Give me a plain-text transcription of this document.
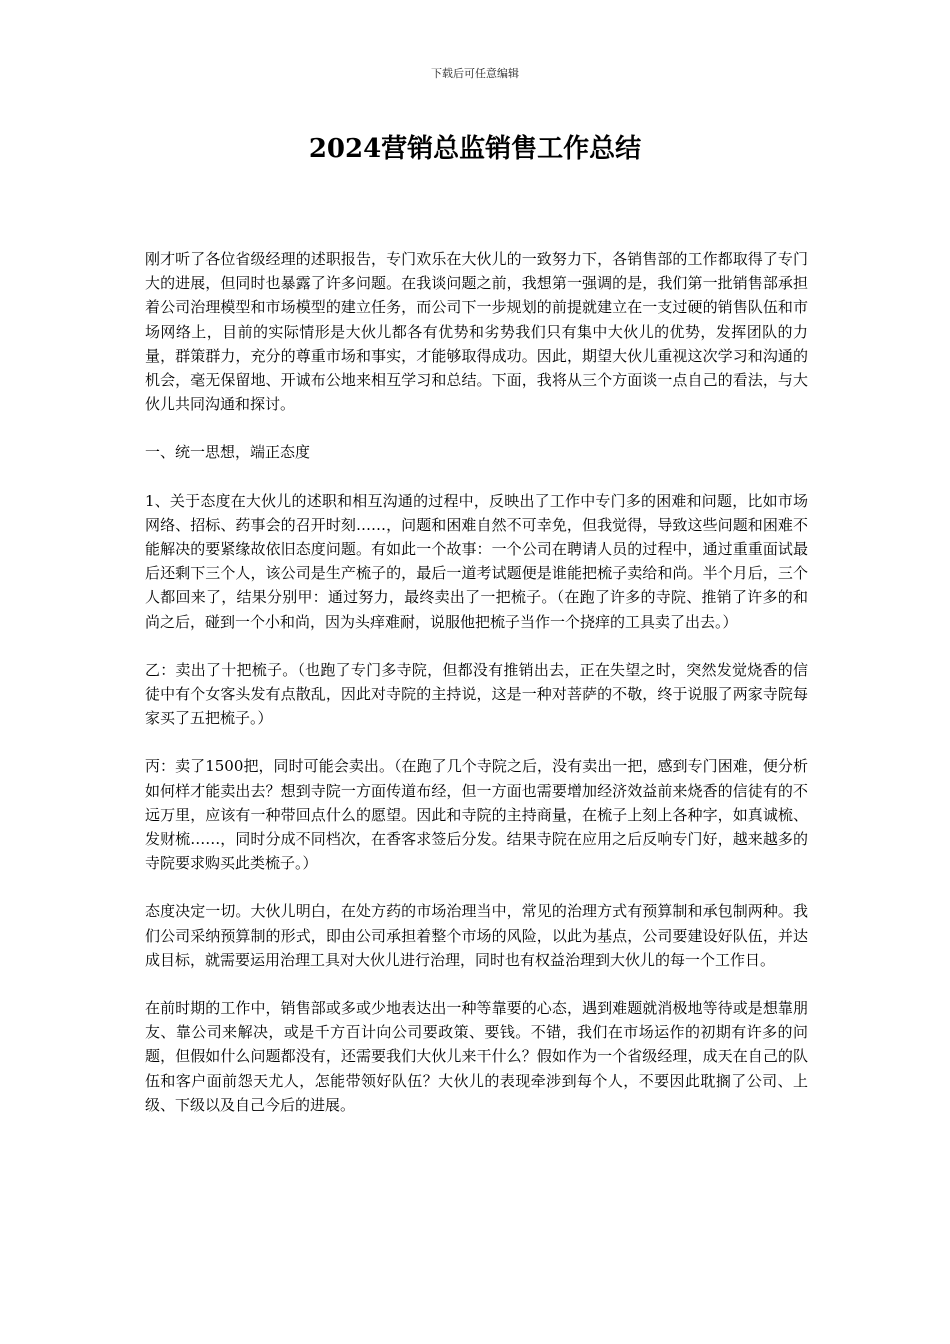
下载后可任意编辑
2024营销总监销售工作总结

刚才听了各位省级经理的述职报告，专门欢乐在大伙儿的一致努力下，各销售部的工作都取得了专门大的进展，但同时也暴露了许多问题。在我谈问题之前，我想第一强调的是，我们第一批销售部承担着公司治理模型和市场模型的建立任务，而公司下一步规划的前提就建立在一支过硬的销售队伍和市场网络上，目前的实际情形是大伙儿都各有优势和劣势我们只有集中大伙儿的优势，发挥团队的力量，群策群力，充分的尊重市场和事实，才能够取得成功。因此，期望大伙儿重视这次学习和沟通的机会，毫无保留地、开诚布公地来相互学习和总结。下面，我将从三个方面谈一点自己的看法，与大伙儿共同沟通和探讨。

一、统一思想，端正态度

1、关于态度在大伙儿的述职和相互沟通的过程中，反映出了工作中专门多的困难和问题，比如市场网络、招标、药事会的召开时刻……，问题和困难自然不可幸免，但我觉得，导致这些问题和困难不能解决的要紧缘故依旧态度问题。有如此一个故事：一个公司在聘请人员的过程中，通过重重面试最后还剩下三个人，该公司是生产梳子的，最后一道考试题便是谁能把梳子卖给和尚。半个月后，三个人都回来了，结果分别甲：通过努力，最终卖出了一把梳子。（在跑了许多的寺院、推销了许多的和尚之后，碰到一个小和尚，因为头痒难耐，说服他把梳子当作一个挠痒的工具卖了出去。）

乙：卖出了十把梳子。（也跑了专门多寺院，但都没有推销出去，正在失望之时，突然发觉烧香的信徒中有个女客头发有点散乱，因此对寺院的主持说，这是一种对菩萨的不敬，终于说服了两家寺院每家买了五把梳子。）

丙：卖了1500把，同时可能会卖出。（在跑了几个寺院之后，没有卖出一把，感到专门困难，便分析如何样才能卖出去？想到寺院一方面传道布经，但一方面也需要增加经济效益前来烧香的信徒有的不远万里，应该有一种带回点什么的愿望。因此和寺院的主持商量，在梳子上刻上各种字，如真诚梳、发财梳……，同时分成不同档次，在香客求签后分发。结果寺院在应用之后反响专门好，越来越多的寺院要求购买此类梳子。）

态度决定一切。大伙儿明白，在处方药的市场治理当中，常见的治理方式有预算制和承包制两种。我们公司采纳预算制的形式，即由公司承担着整个市场的风险，以此为基点，公司要建设好队伍，并达成目标，就需要运用治理工具对大伙儿进行治理，同时也有权益治理到大伙儿的每一个工作日。

在前时期的工作中，销售部或多或少地表达出一种等靠要的心态，遇到难题就消极地等待或是想靠朋友、靠公司来解决，或是千方百计向公司要政策、要钱。不错，我们在市场运作的初期有许多的问题，但假如什么问题都没有，还需要我们大伙儿来干什么？假如作为一个省级经理，成天在自己的队伍和客户面前怨天尤人，怎能带领好队伍？大伙儿的表现牵涉到每个人，不要因此耽搁了公司、上级、下级以及自己今后的进展。
